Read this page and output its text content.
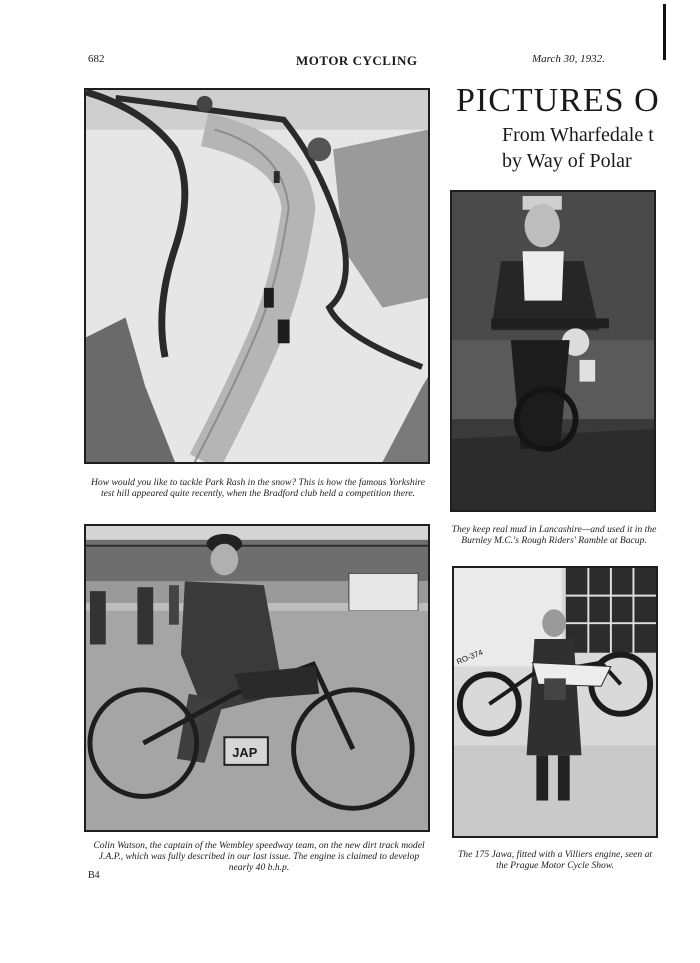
682	MOTOR CYCLING	March 30, 1932.
PICTURES O
From Wharfedale t
by Way of Polar
How would you like to tackle Park Rash in the snow? This is how the famous Yorkshire test hill appeared quite recently, when the Bradford club held a competition there.
They keep real mud in Lancashire—and used it in the Burnley M.C.'s Rough Riders' Ramble at Bacup.
JAP
Colin Watson, the captain of the Wembley speedway team, on the new dirt track model J.A.P., which was fully described in our last issue. The engine is claimed to develop nearly 40 b.h.p.
RO-374
The 175 Jawa, fitted with a Villiers engine, seen at the Prague Motor Cycle Show.
B4
